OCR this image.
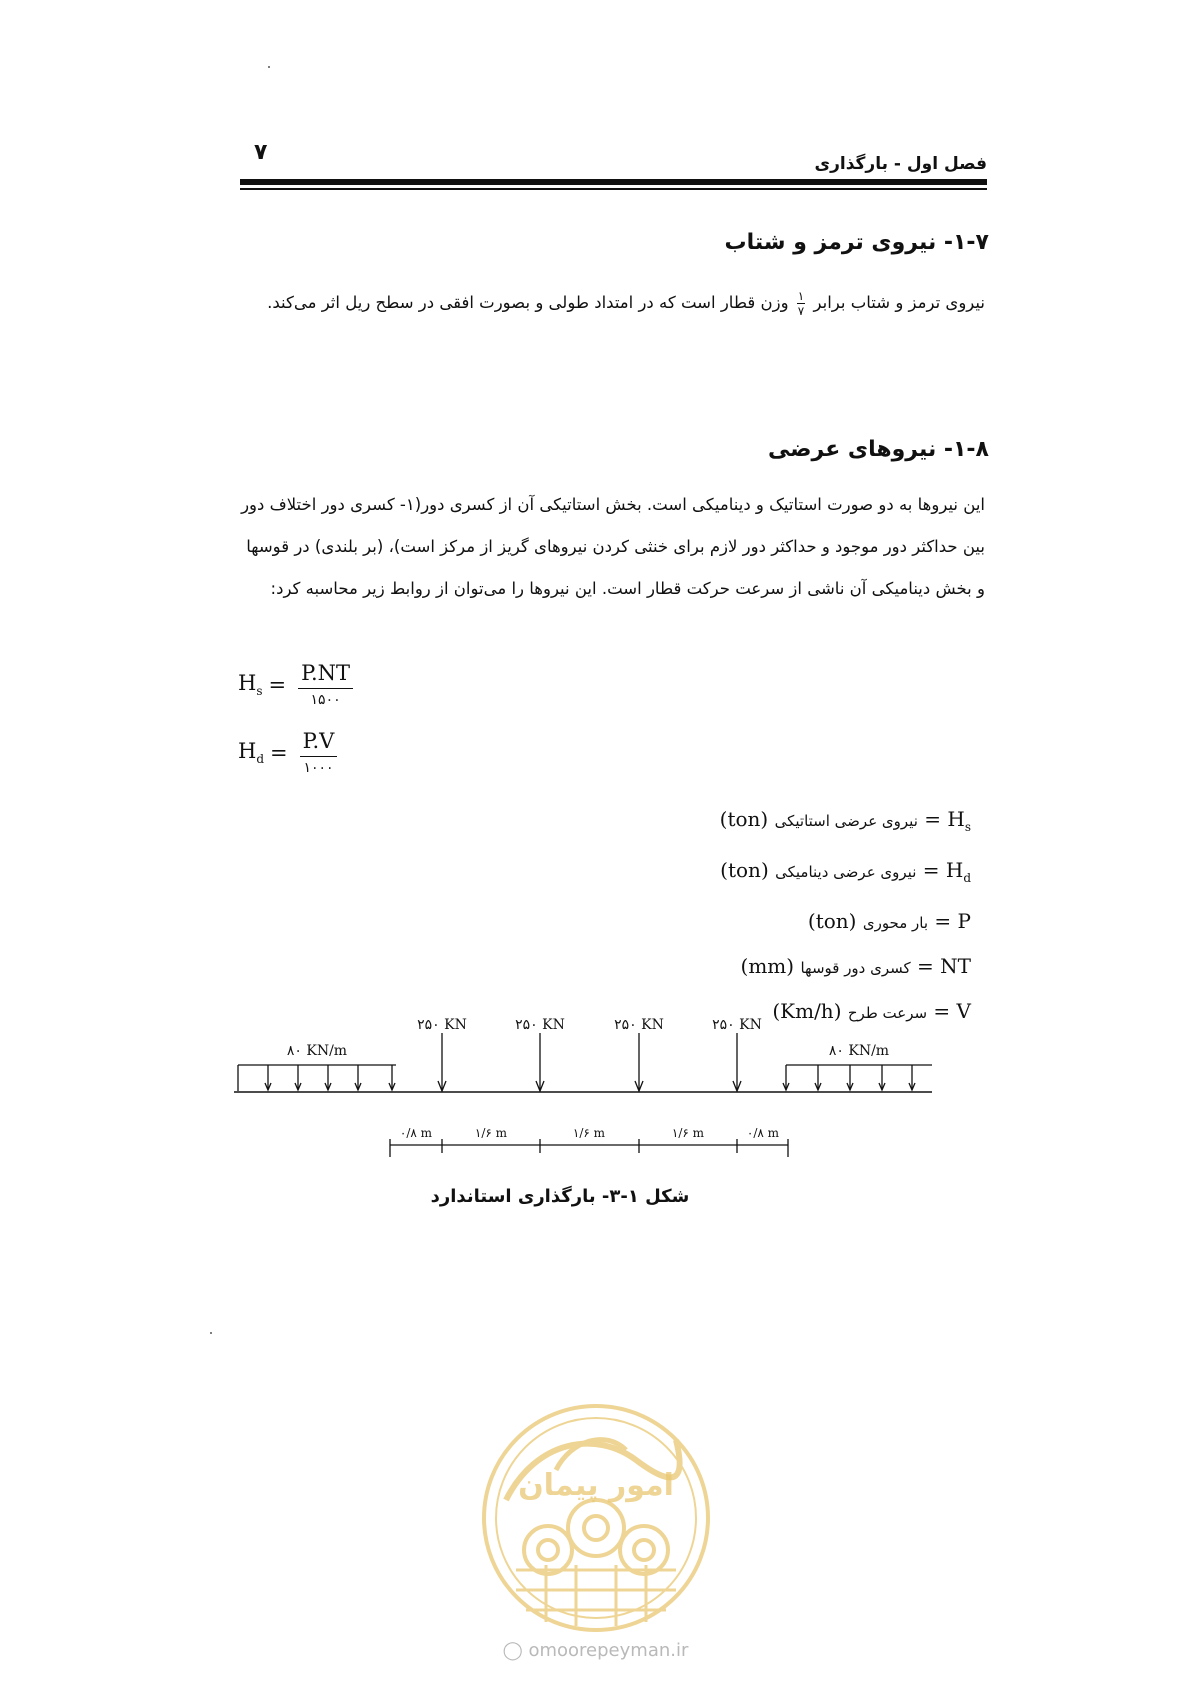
۷	فصل اول - بارگذاری
۱-۷- نیروی ترمز و شتاب
نیروی ترمز و شتاب برابر
$\frac{۱}{۷}$
وزن قطار است که در امتداد طولی و بصورت افقی در سطح ریل اثر می‌کند.
۱-۸- نیروهای عرضی
این نیروها به دو صورت استاتیک و دینامیکی است. بخش استاتیکی آن از کسری دور(۱- کسری دور اختلاف دور بین حداکثر دور موجود و حداکثر دور لازم برای خنثی کردن نیروهای گریز از مرکز است)، (بر بلندی) در قوسها و بخش دینامیکی آن ناشی از سرعت حرکت قطار است. این نیروها را می‌توان از روابط زیر محاسبه کرد:
$H_s = P.NT$
۱۵۰۰
$H_d = P.V$
۱۰۰۰
$H_s$ = نیروی عرضی استاتیکی (ton)
$H_d$ = نیروی عرضی دینامیکی (ton)
P = بار محوری (ton)
NT = کسری دور قوسها (mm)
V = سرعت طرح (Km/h)
۸۰ KN/m	۸۰ KN/m
۲۵۰ KN	۲۵۰ KN	۲۵۰ KN	۲۵۰ KN
۰/۸ m	۱/۶ m	۱/۶ m	۱/۶ m	۰/۸ m
شکل ۱-۳- بارگذاری استاندارد
امور پیمان
◯ omoorepeyman.ir
